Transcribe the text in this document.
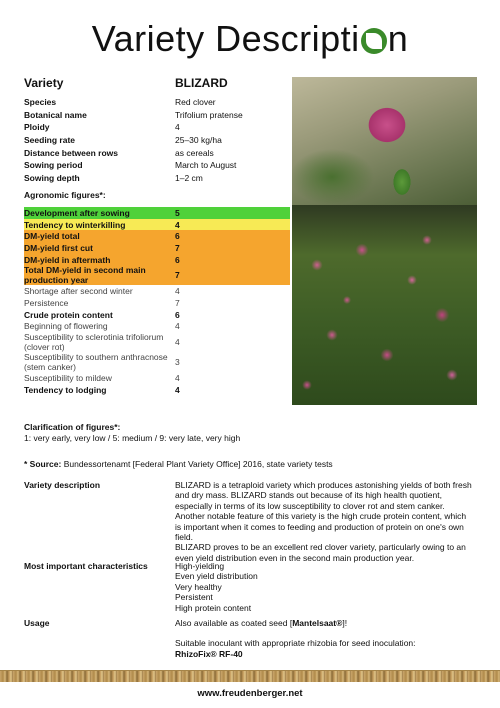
Variety Descripti n
Variety	BLIZARD
Species	Red clover
Botanical name	Trifolium pratense
Ploidy	4
Seeding rate	25–30 kg/ha
Distance between rows	as cereals
Sowing period	March to August
Sowing depth	1–2 cm
Agronomic figures*:
Development after sowing	5
Tendency to winterkilling	4
DM-yield total	6
DM-yield first cut	7
DM-yield in aftermath	6
Total DM-yield in second main production year	7
Shortage after second winter	4
Persistence	7
Crude protein content	6
Beginning of flowering	4
Susceptibility to sclerotinia trifoliorum (clover rot)	4
Susceptibility to southern anthracnose (stem canker)	3
Susceptibility to mildew	4
Tendency to lodging	4
Clarification of figures*:
1: very early, very low / 5: medium / 9: very late, very high
* Source: Bundessortenamt [Federal Plant Variety Office] 2016, state variety tests
Variety description	BLIZARD is a tetraploid variety which produces astonishing yields of both fresh and dry mass. BLIZARD stands out because of its high health quotient, especially in terms of its low susceptibility to clover rot and stem canker.
Another notable feature of this variety is the high crude protein content, which is important when it comes to feeding and production of protein on one's own field.
BLIZARD proves to be an excellent red clover variety, particularly owing to an even yield distribution even in the second main production year.
Most important characteristics	High-yielding
Even yield distribution
Very healthy
Persistent
High protein content
Usage	Also available as coated seed [Mantelsaat®]!
Suitable inoculant with appropriate rhizobia for seed inoculation:
RhizoFix® RF-40
www.freudenberger.net
